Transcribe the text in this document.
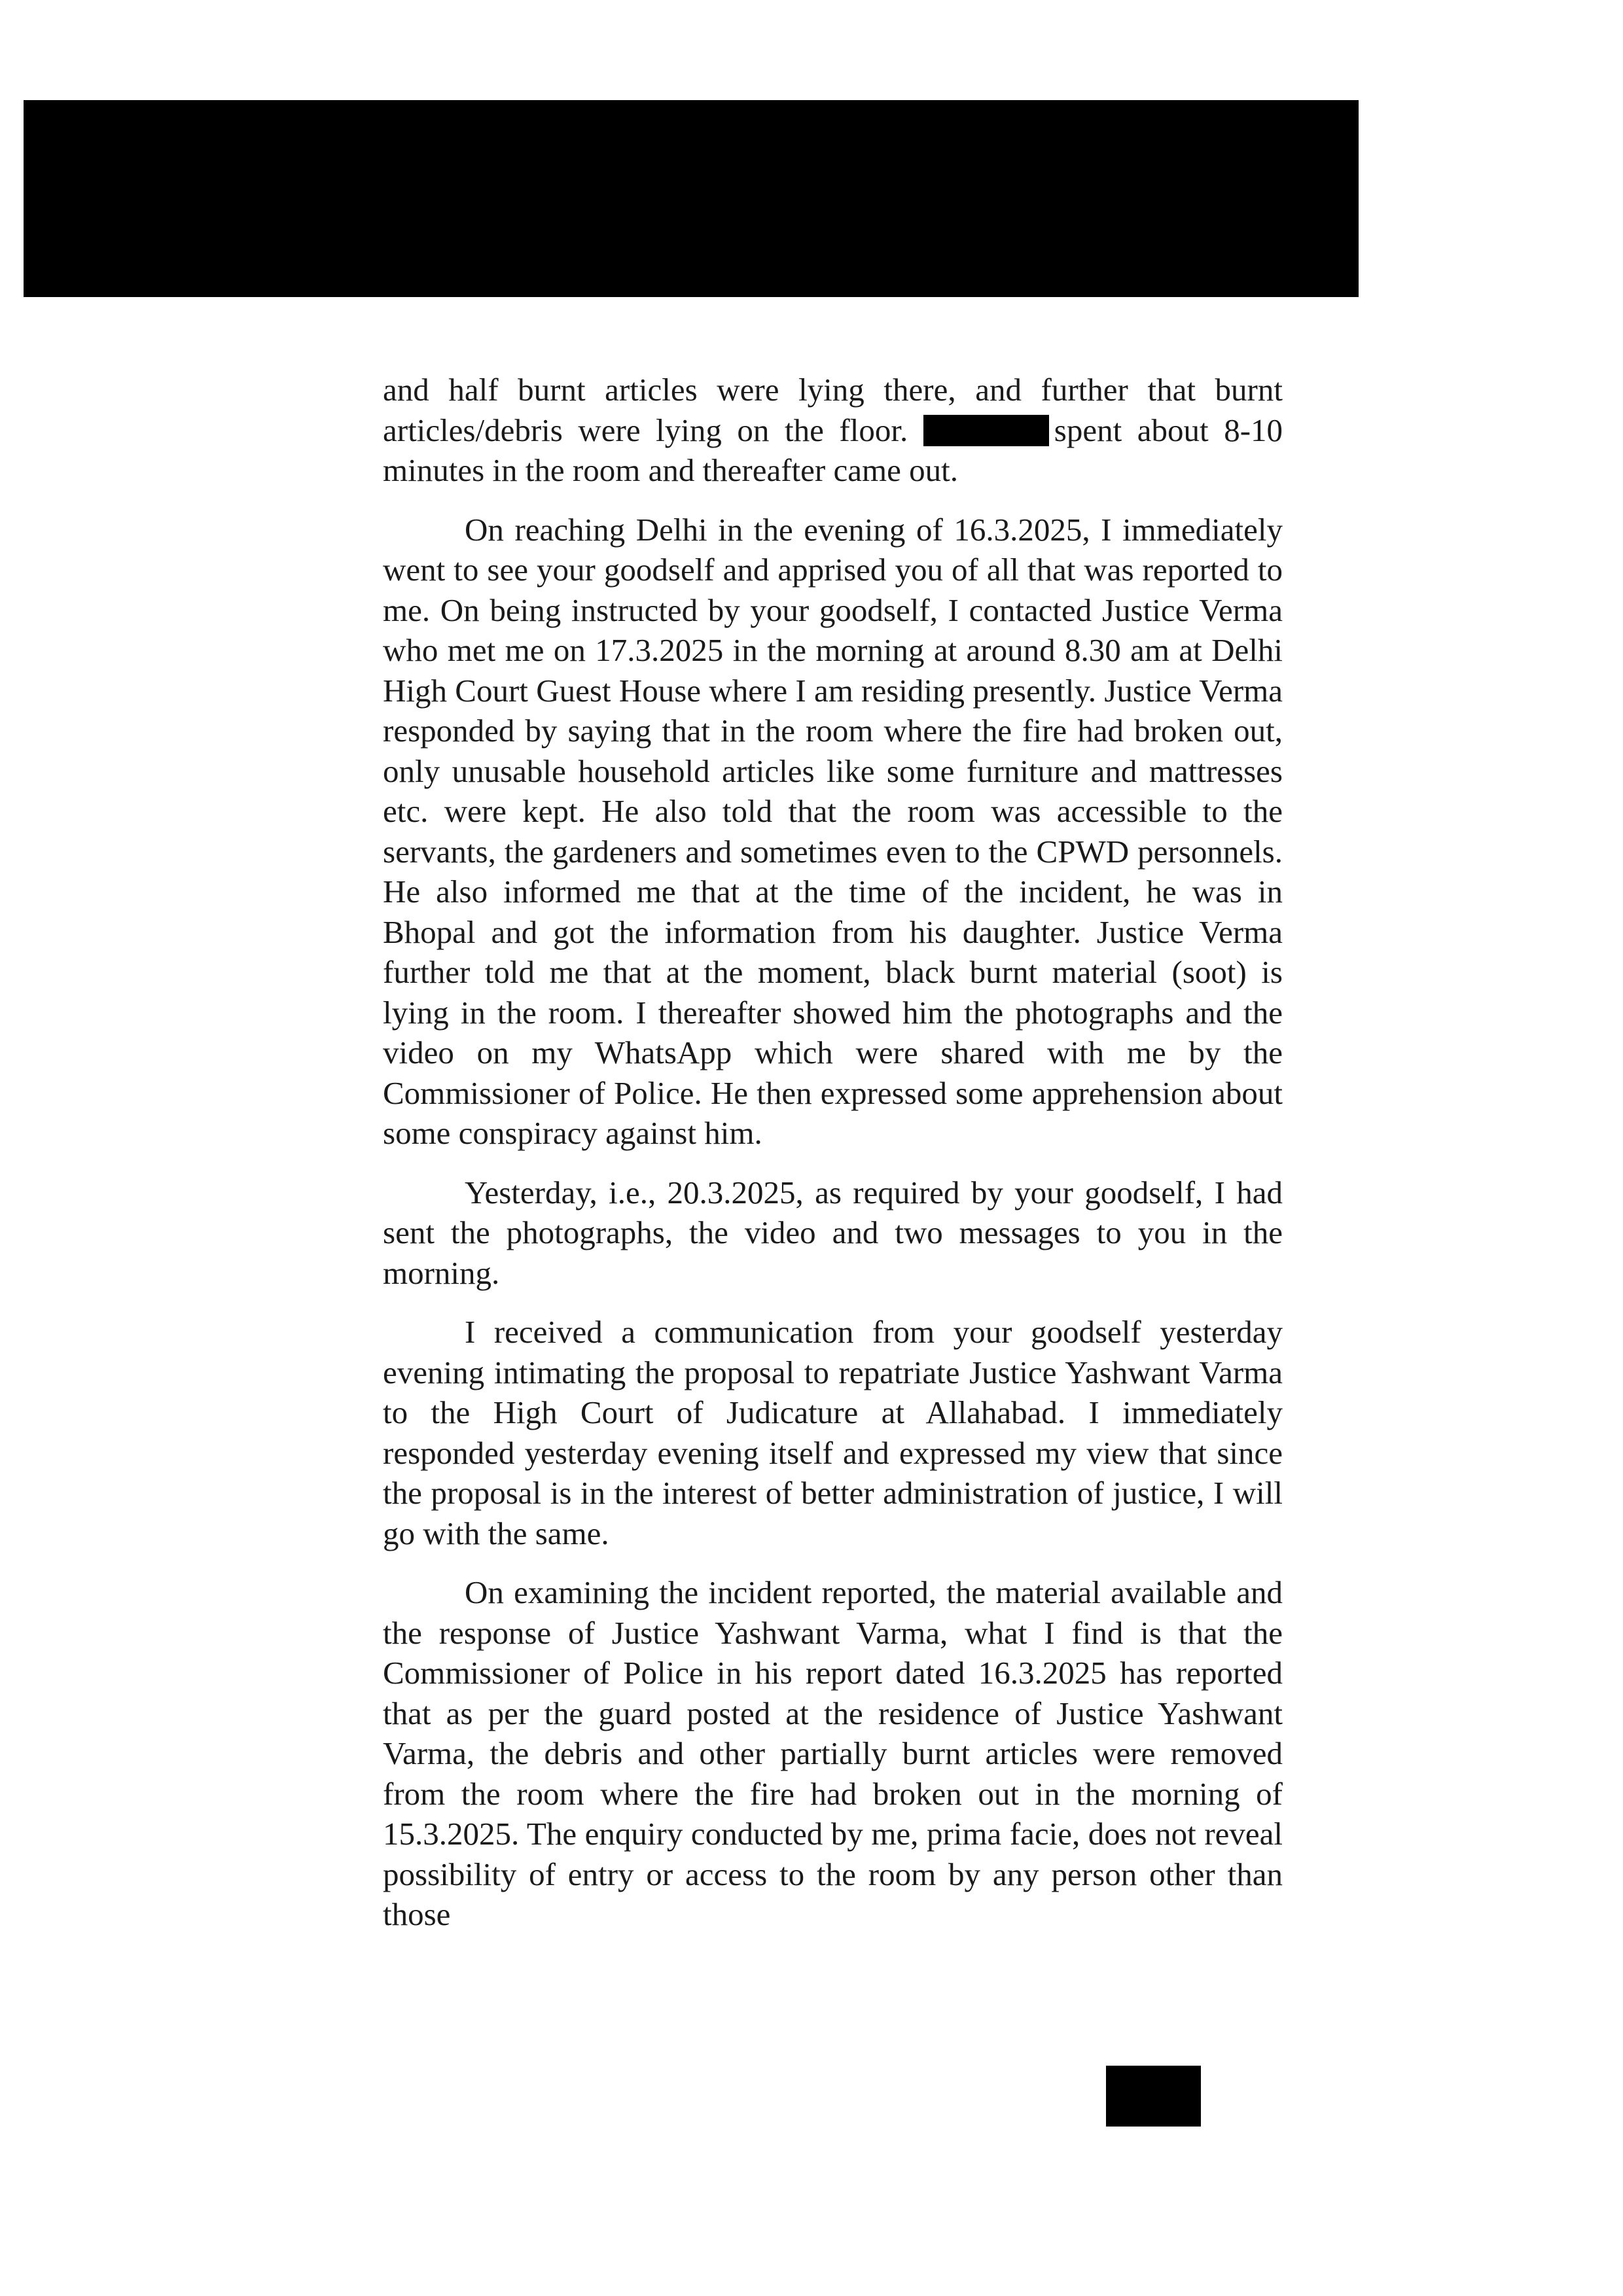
and half burnt articles were lying there, and further that burnt articles/debris were lying on the floor.	spent about 8-10 minutes in the room and thereafter came out.

On reaching Delhi in the evening of 16.3.2025, I immediately went to see your goodself and apprised you of all that was reported to me. On being instructed by your goodself, I contacted Justice Verma who met me on 17.3.2025 in the morning at around 8.30 am at Delhi High Court Guest House where I am residing presently. Justice Verma responded by saying that in the room where the fire had broken out, only unusable household articles like some furniture and mattresses etc. were kept. He also told that the room was accessible to the servants, the gardeners and sometimes even to the CPWD personnels. He also informed me that at the time of the incident, he was in Bhopal and got the information from his daughter. Justice Verma further told me that at the moment, black burnt material (soot) is lying in the room. I thereafter showed him the photographs and the video on my WhatsApp which were shared with me by the Commissioner of Police. He then expressed some apprehension about some conspiracy against him.

Yesterday, i.e., 20.3.2025, as required by your goodself, I had sent the photographs, the video and two messages to you in the morning.

I received a communication from your goodself yesterday evening intimating the proposal to repatriate Justice Yashwant Varma to the High Court of Judicature at Allahabad. I immediately responded yesterday evening itself and expressed my view that since the proposal is in the interest of better administration of justice, I will go with the same.

On examining the incident reported, the material available and the response of Justice Yashwant Varma, what I find is that the Commissioner of Police in his report dated 16.3.2025 has reported that as per the guard posted at the residence of Justice Yashwant Varma, the debris and other partially burnt articles were removed from the room where the fire had broken out in the morning of 15.3.2025. The enquiry conducted by me, prima facie, does not reveal possibility of entry or access to the room by any person other than those
